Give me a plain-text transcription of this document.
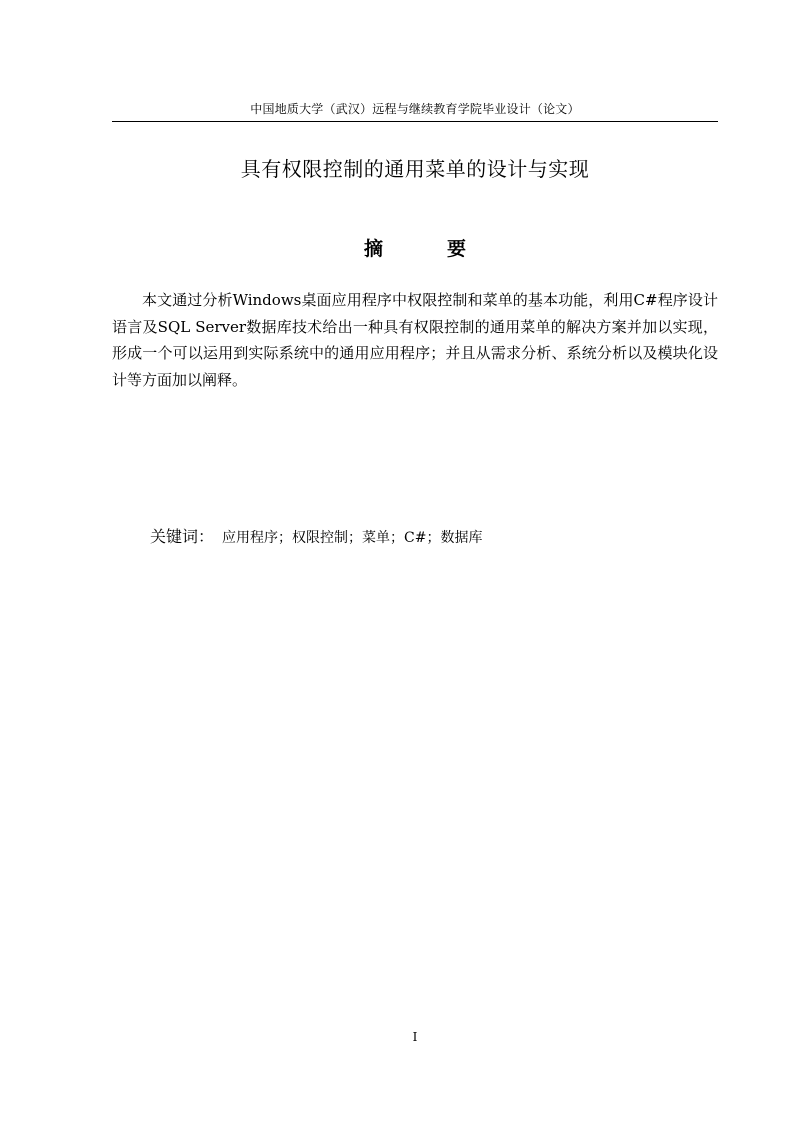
中国地质大学（武汉）远程与继续教育学院毕业设计（论文）
具有权限控制的通用菜单的设计与实现
摘要

本文通过分析Windows桌面应用程序中权限控制和菜单的基本功能，利用C#程序设计语言及SQL Server数据库技术给出一种具有权限控制的通用菜单的解决方案并加以实现，形成一个可以运用到实际系统中的通用应用程序；并且从需求分析、系统分析以及模块化设计等方面加以阐释。

关键词： 应用程序；权限控制；菜单；C#；数据库
I
